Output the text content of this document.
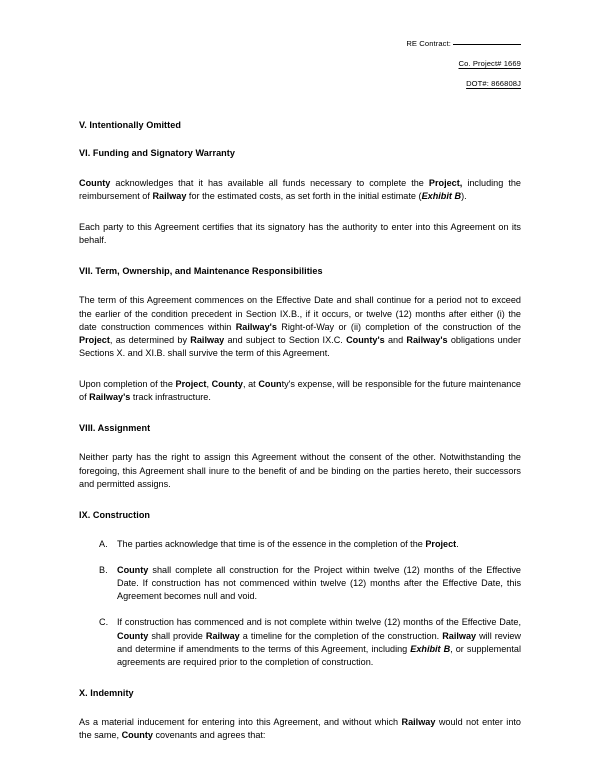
RE Contract:
Co. Project# 1669
DOT#: 866808J
V. Intentionally Omitted
VI. Funding and Signatory Warranty

County acknowledges that it has available all funds necessary to complete the Project, including the reimbursement of Railway for the estimated costs, as set forth in the initial estimate (Exhibit B).

Each party to this Agreement certifies that its signatory has the authority to enter into this Agreement on its behalf.

VII. Term, Ownership, and Maintenance Responsibilities

The term of this Agreement commences on the Effective Date and shall continue for a period not to exceed the earlier of the condition precedent in Section IX.B., if it occurs, or twelve (12) months after either (i) the date construction commences within Railway's Right-of-Way or (ii) completion of the construction of the Project, as determined by Railway and subject to Section IX.C. County's and Railway's obligations under Sections X. and XI.B. shall survive the term of this Agreement.

Upon completion of the Project, County, at County's expense, will be responsible for the future maintenance of Railway's track infrastructure.

VIII. Assignment

Neither party has the right to assign this Agreement without the consent of the other. Notwithstanding the foregoing, this Agreement shall inure to the benefit of and be binding on the parties hereto, their successors and permitted assigns.

IX. Construction
A. The parties acknowledge that time is of the essence in the completion of the Project.
B. County shall complete all construction for the Project within twelve (12) months of the Effective Date. If construction has not commenced within twelve (12) months after the Effective Date, this Agreement becomes null and void.
C. If construction has commenced and is not complete within twelve (12) months of the Effective Date, County shall provide Railway a timeline for the completion of the construction. Railway will review and determine if amendments to the terms of this Agreement, including Exhibit B, or supplemental agreements are required prior to the completion of construction.
X. Indemnity

As a material inducement for entering into this Agreement, and without which Railway would not enter into the same, County covenants and agrees that:
